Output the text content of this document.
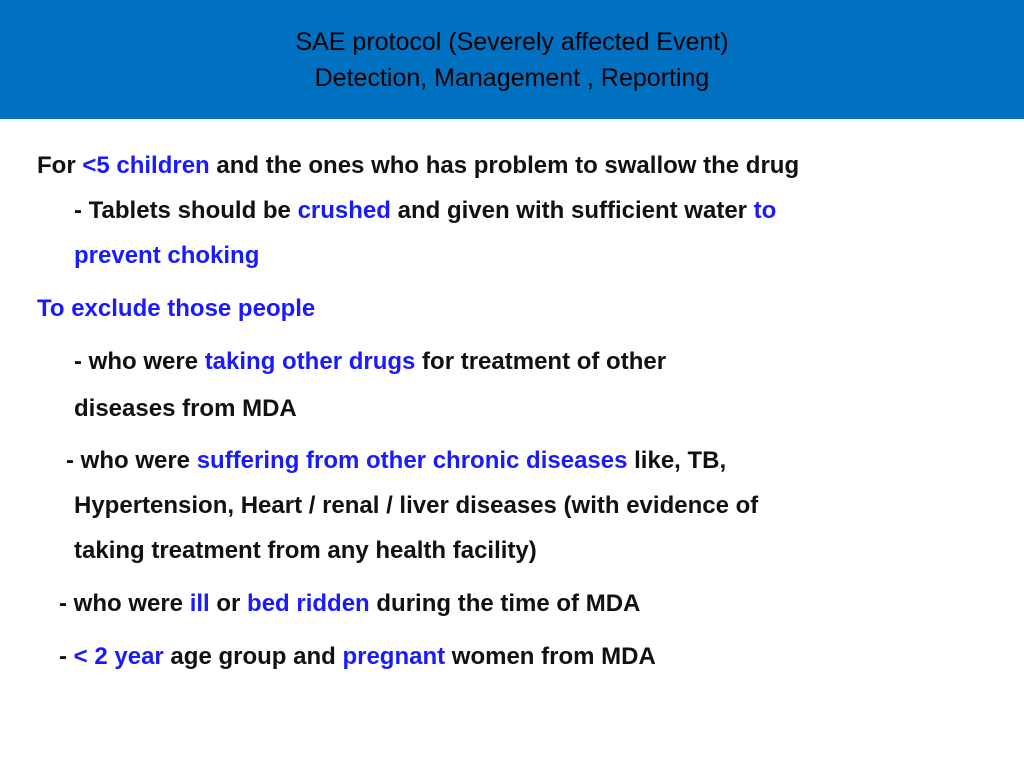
SAE protocol (Severely affected Event)
Detection, Management , Reporting
For <5 children and the ones who has problem to swallow the drug
- Tablets should be crushed and given with sufficient water to
prevent choking
To exclude those people
- who were taking other drugs for treatment of other
diseases from MDA
- who were suffering from other chronic diseases like, TB,
Hypertension, Heart / renal / liver diseases (with evidence of
taking treatment from any health facility)
- who were ill or bed ridden during the time of MDA
- < 2 year age group and pregnant women from MDA
